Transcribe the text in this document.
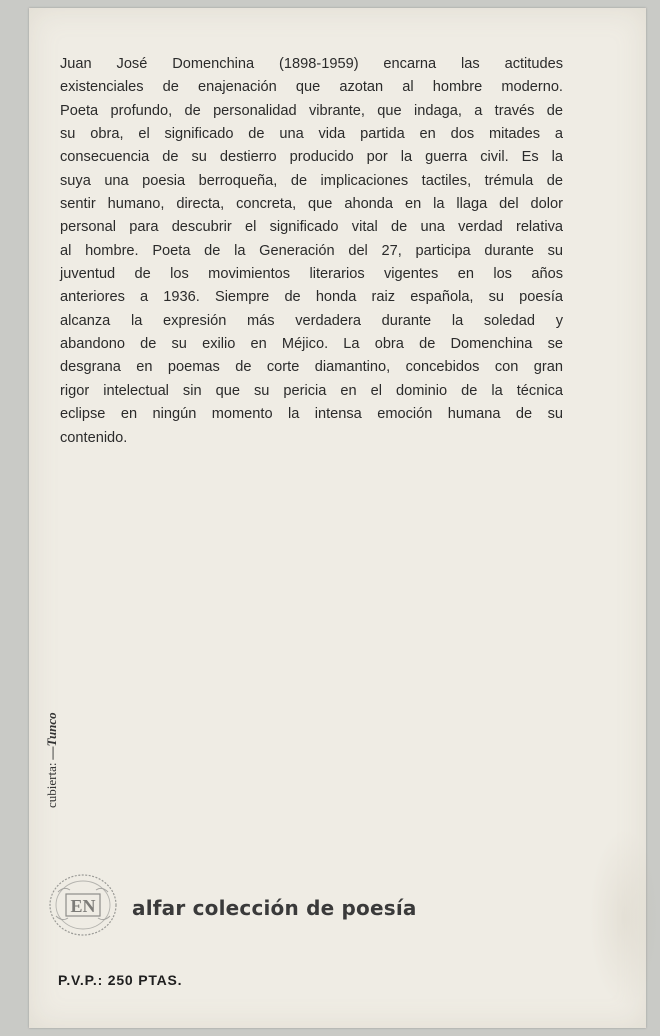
Juan José Domenchina (1898-1959) encarna las actitudes
existenciales de enajenación que azotan al hombre moderno.
Poeta profundo, de personalidad vibrante, que indaga, a través de
su obra, el significado de una vida partida en dos mitades a
consecuencia de su destierro producido por la guerra civil. Es la
suya una poesia berroqueña, de implicaciones tactiles, trémula de
sentir humano, directa, concreta, que ahonda en la llaga del dolor
personal para descubrir el significado vital de una verdad relativa
al hombre. Poeta de la Generación del 27, participa durante su
juventud de los movimientos literarios vigentes en los años
anteriores a 1936. Siempre de honda raiz española, su poesía
alcanza la expresión más verdadera durante la soledad y
abandono de su exilio en Méjico. La obra de Domenchina se
desgrana en poemas de corte diamantino, concebidos con gran
rigor intelectual sin que su pericia en el dominio de la técnica
eclipse en ningún momento la intensa emoción humana de su
contenido.
cubierta:—Tunco
EN alfar colección de poesía
P.V.P.: 250 PTAS.
